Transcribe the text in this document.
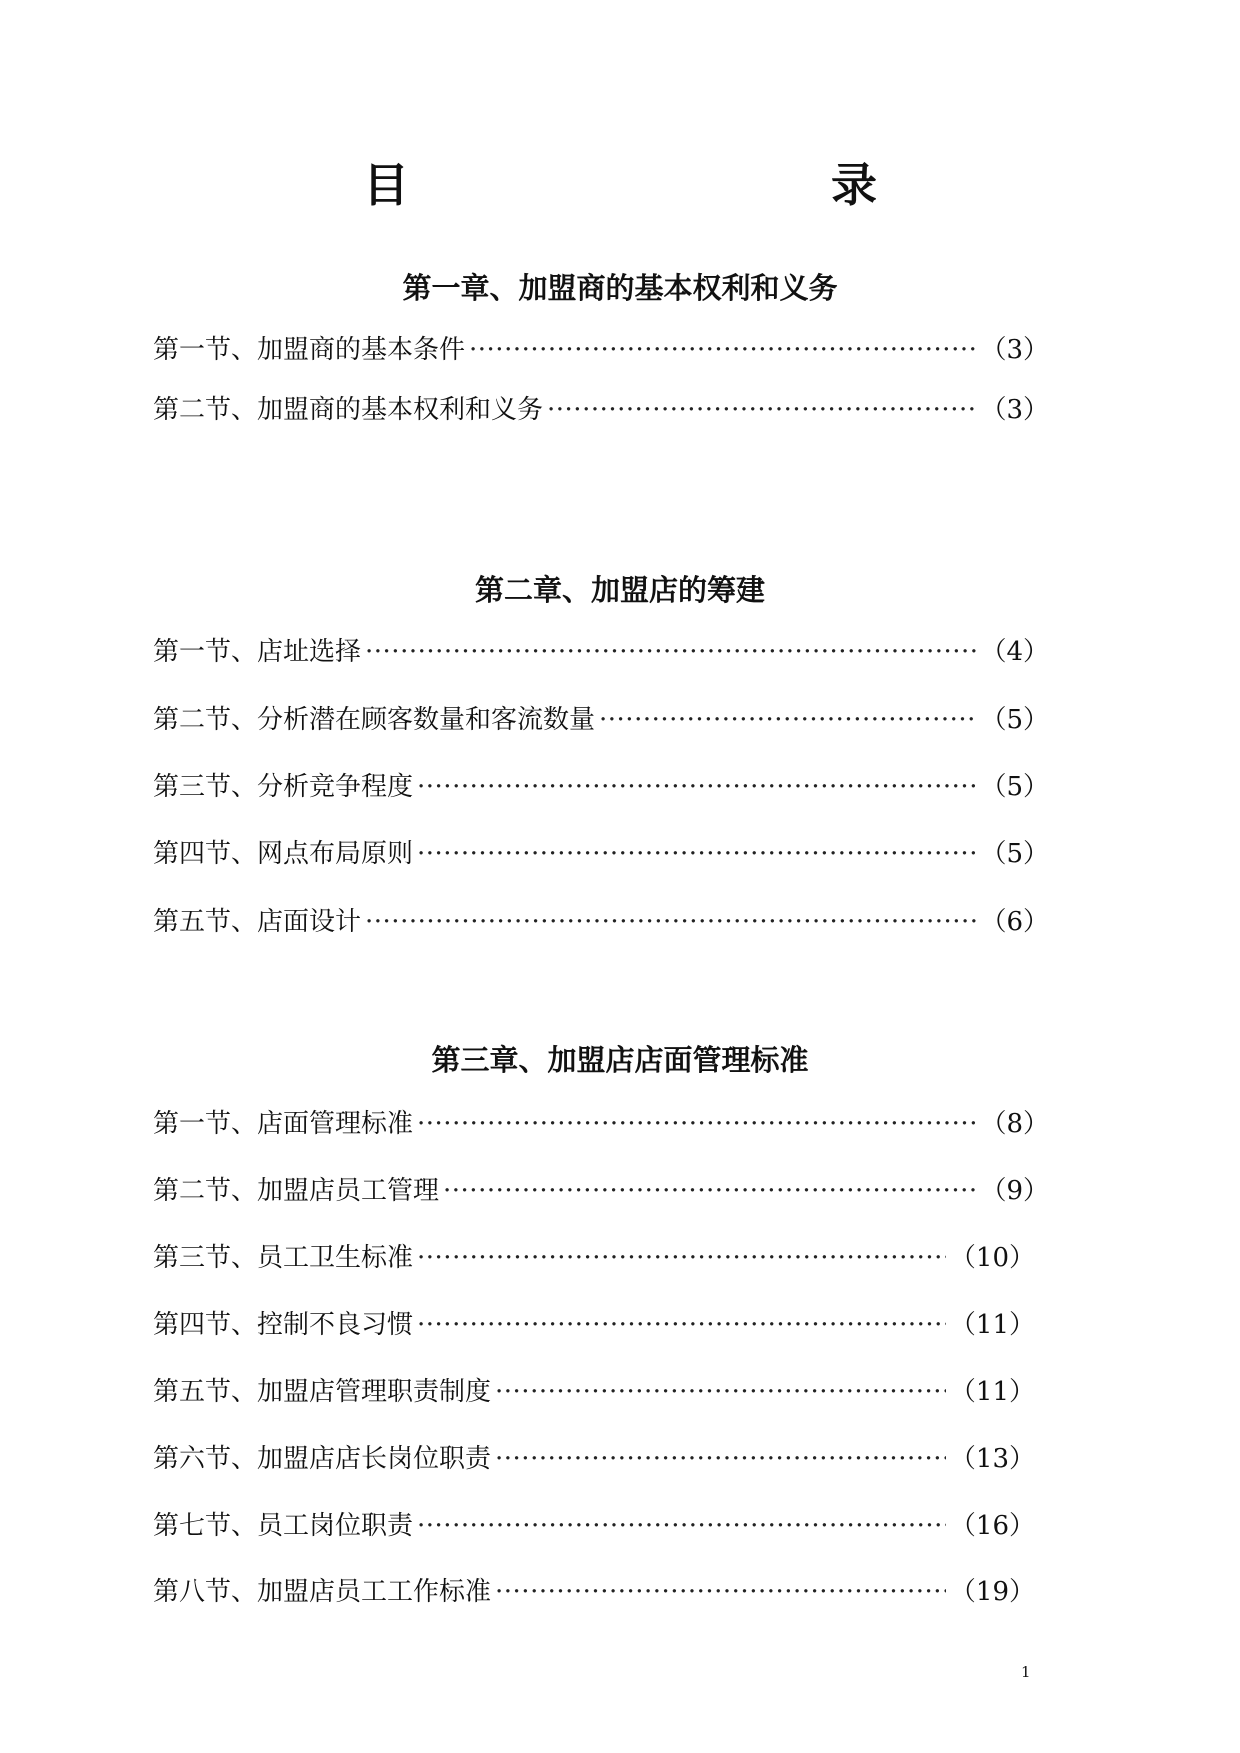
目　　录
第一章、加盟商的基本权利和义务
第一节、加盟商的基本条件 ·····	（3）
第二节、加盟商的基本权利和义务 ·····	（3）
第二章、加盟店的筹建
第一节、店址选择 ·····	（4）
第二节、分析潜在顾客数量和客流数量 ·····	（5）
第三节、分析竞争程度 ·····	（5）
第四节、网点布局原则 ·····	（5）
第五节、店面设计 ·····	（6）
第三章、加盟店店面管理标准
第一节、店面管理标准 ·····	（8）
第二节、加盟店员工管理 ·····	（9）
第三节、员工卫生标准 ·····	（10）
第四节、控制不良习惯 ·····	（11）
第五节、加盟店管理职责制度 ·····	（11）
第六节、加盟店店长岗位职责 ·····	（13）
第七节、员工岗位职责 ·····	（16）
第八节、加盟店员工工作标准 ·····	（19）
1
